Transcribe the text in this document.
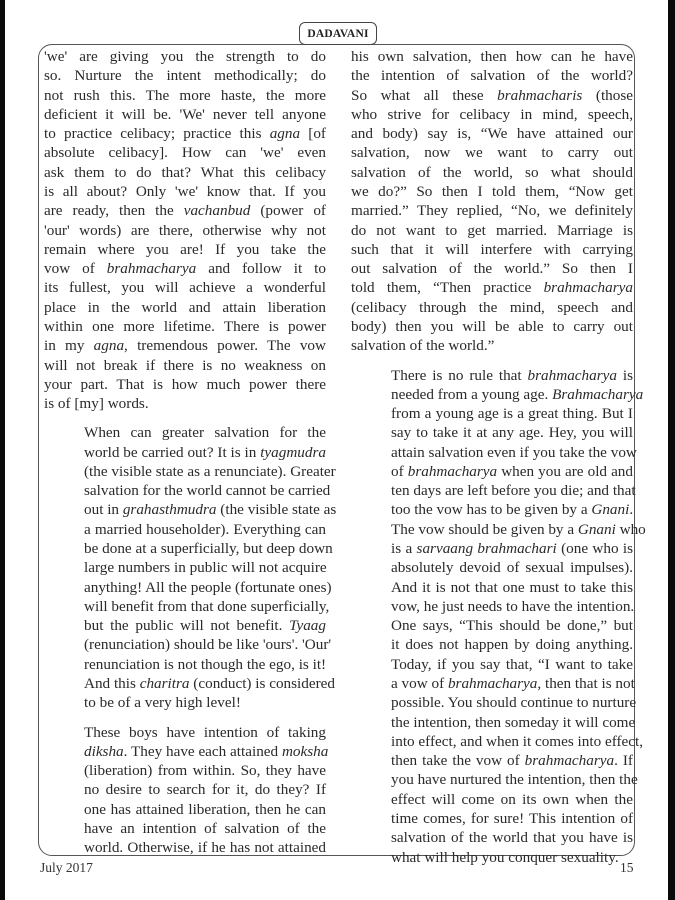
DADAVANI

'we' are giving you the strength to do
so. Nurture the intent methodically; do
not rush this. The more haste, the more
deficient it will be. 'We' never tell anyone
to practice celibacy; practice this agna [of
absolute celibacy]. How can 'we' even
ask them to do that? What this celibacy
is all about? Only 'we' know that. If you
are ready, then the vachanbud (power of
'our' words) are there, otherwise why not
remain where you are! If you take the
vow of brahmacharya and follow it to
its fullest, you will achieve a wonderful
place in the world and attain liberation
within one more lifetime. There is power
in my agna, tremendous power. The vow
will not break if there is no weakness on
your part. That is how much power there
is of [my] words.

When can greater salvation for the
world be carried out? It is in tyagmudra
(the visible state as a renunciate). Greater
salvation for the world cannot be carried
out in grahasthmudra (the visible state as
a married householder). Everything can
be done at a superficially, but deep down
large numbers in public will not acquire
anything! All the people (fortunate ones)
will benefit from that done superficially,
but the public will not benefit. Tyaag
(renunciation) should be like 'ours'. 'Our'
renunciation is not though the ego, is it!
And this charitra (conduct) is considered
to be of a very high level!

These boys have intention of taking
diksha. They have each attained moksha
(liberation) from within. So, they have
no desire to search for it, do they? If
one has attained liberation, then he can
have an intention of salvation of the
world. Otherwise, if he has not attained

his own salvation, then how can he have
the intention of salvation of the world?
So what all these brahmacharis (those
who strive for celibacy in mind, speech,
and body) say is, “We have attained our
salvation, now we want to carry out
salvation of the world, so what should
we do?” So then I told them, “Now get
married.” They replied, “No, we definitely
do not want to get married. Marriage is
such that it will interfere with carrying
out salvation of the world.” So then I
told them, “Then practice brahmacharya
(celibacy through the mind, speech and
body) then you will be able to carry out
salvation of the world.”

There is no rule that brahmacharya is
needed from a young age. Brahmacharya
from a young age is a great thing. But I
say to take it at any age. Hey, you will
attain salvation even if you take the vow
of brahmacharya when you are old and
ten days are left before you die; and that
too the vow has to be given by a Gnani.
The vow should be given by a Gnani who
is a sarvaang brahmachari (one who is
absolutely devoid of sexual impulses).
And it is not that one must to take this
vow, he just needs to have the intention.
One says, “This should be done,” but
it does not happen by doing anything.
Today, if you say that, “I want to take
a vow of brahmacharya, then that is not
possible. You should continue to nurture
the intention, then someday it will come
into effect, and when it comes into effect,
then take the vow of brahmacharya. If
you have nurtured the intention, then the
effect will come on its own when the
time comes, for sure! This intention of
salvation of the world that you have is
what will help you conquer sexuality.

July 2017	15
